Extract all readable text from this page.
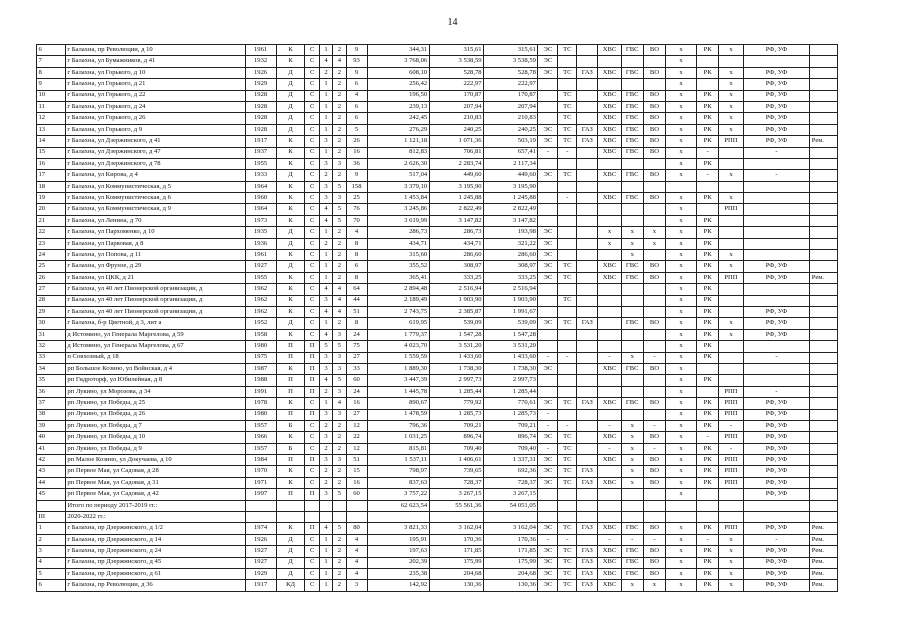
14
6	г Балахна, пр Революции, д 10	1961	К	С	1	2	9	344,31	315,61	315,61	ЭС	ТС		ХВС	ГВС	ВО	х	РК	х	РФ, УФ	
7	г Балахна, ул Бумажников, д 41	1932	К	С	4	4	93	3 768,06	3 538,59	3 538,59	ЭС						х				
8	г Балахна, ул Горького, д 10	1926	Д	С	2	2	9	608,10	528,78	528,78	ЭС	ТС	ГАЗ	ХВС	ГВС	ВО	х	РК	х	РФ, УФ	
9	г Балахна, ул Горького, д 21	1929	Д	С	1	2	6	256,42	222,97	222,97							х		х	РФ, УФ	
10	г Балахна, ул Горького, д 22	1928	Д	С	1	2	4	196,50	170,87	170,87		ТС		ХВС	ГВС	ВО	х	РК	х	РФ, УФ	
11	г Балахна, ул Горького, д 24	1928	Д	С	1	2	6	239,13	207,94	207,94		ТС		ХВС	ГВС	ВО	х	РК	х	РФ, УФ	
12	г Балахна, ул Горького, д 26	1928	Д	С	1	2	6	242,45	210,83	210,83		ТС		ХВС	ГВС	ВО	х	РК	х	РФ, УФ	
13	г Балахна, ул Горького, д 9	1928	Д	С	1	2	5	276,29	240,25	240,25	ЭС	ТС	ГАЗ	ХВС	ГВС	ВО	х	РК	х	РФ, УФ	
14	г Балахна, ул Дзержинского, д 41	1917	К	С	3	2	26	1 121,18	1 071,36	503,19	ЭС	ТС	ГАЗ	ХВС	ГВС	ВО	х	РК	РПП	РФ, УФ	Рем.
15	г Балахна, ул Дзержинского, д 47	1937	К	С	1	2	16	812,83	706,81	657,41	-	-		ХВС	ГВС	ВО	х	-		-	
16	г Балахна, ул Дзержинского, д 78	1955	К	С	3	3	36	2 626,30	2 283,74	2 117,34							х	РК			
17	г Балахна, ул Кирова, д 4	1933	Д	С	2	2	9	517,04	449,60	449,60	ЭС	ТС		ХВС	ГВС	ВО	х	-	х	-	
18	г Балахна, ул Коммунистическая, д 5	1964	К	С	3	5	158	3 379,10	3 195,90	3 195,90											
19	г Балахна, ул Коммунистическая, д 6	1960	К	С	3	3	25	1 453,84	1 245,88	1 245,88		-		ХВС	ГВС	ВО	х	РК	х		
20	г Балахна, ул Коммунистическая, д 9	1964	К	С	4	5	76	3 245,86	2 822,49	2 822,49							х		РПП		
21	г Балахна, ул Ленина, д 70	1973	К	С	4	5	70	3 619,99	3 147,82	3 147,82							х	РК			
22	г Балахна, ул Пархоменко, д 10	1935	Д	С	1	2	4	286,73	286,73	193,98	ЭС			х	х	х	х	РК			
23	г Балахна, ул Парковая, д 8	1936	Д	С	2	2	8	434,71	434,71	321,22	ЭС			х	х	х	х	РК			
24	г Балахна, ул Попова, д 11	1961	К	С	1	2	8	315,60	286,60	286,60	ЭС				х		х	РК	х		
25	г Балахна, ул Фрунзе, д 29	1927	Д	С	1	2	6	355,52	308,97	308,97	ЭС	ТС		ХВС	ГВС	ВО	х	РК	х	РФ, УФ	
26	г Балахна, ул ЦКК, д 21	1955	К	С	1	2	8	365,41	333,25	333,25	ЭС	ТС		ХВС	ГВС	ВО	х	РК	РПП	РФ, УФ	Рем.
27	г Балахна, ул 40 лет Пионерской организации, д	1962	К	С	4	4	64	2 894,48	2 516,94	2 516,94							х	РК			
28	г Балахна, ул 40 лет Пионерской организации, д	1962	К	С	3	4	44	2 189,49	1 903,90	1 903,90		ТС					х	РК			
29	г Балахна, ул 40 лет Пионерской организации, д	1962	К	С	4	4	51	2 743,75	2 385,87	1 991,67							х	РК		РФ, УФ	
30	г Балахна, б-р Цветной, д 3, лит а	1952	Д	С	1	2	8	619,95	539,09	539,09	ЭС	ТС	ГАЗ		ГВС	ВО	х	РК	х	РФ, УФ	
31	д Истомино, ул Генерала Маргелова, д 59	1958	К	С	4	3	24	1 779,37	1 547,28	1 547,28							х	РК	х	РФ, УФ	
32	д Истомино, ул Генерала Маргелова, д 67	1980	П	П	5	5	75	4 023,70	3 531,20	3 531,20							х	РК			
33	п Совхозный, д 18	1975	П	П	3	3	27	1 559,59	1 433,60	1 433,60	-	-		-	х	-	х	РК		-	
34	рп Большое Козино, ул Войнская, д 4	1987	К	П	3	3	33	1 889,30	1 738,30	1 738,30	ЭС			ХВС	ГВС	ВО	х				
35	рп Гидроторф, ул Юбилейная, д 8	1988	П	П	4	5	60	3 447,39	2 997,73	2 997,73							х	РК			
36	рп Лукино, ул Морозова, д 34	1991	П	П	2	3	24	1 445,78	1 285,44	1 285,44							х		РПП	-	
37	рп Лукино, ул Победы, д 25	1978	К	С	1	4	16	890,67	779,92	770,61	ЭС	ТС	ГАЗ	ХВС	ГВС	ВО	х	РК	РПП	РФ, УФ	
38	рп Лукино, ул Победы, д 26	1980	П	П	3	3	27	1 478,59	1 285,73	1 285,73	-						х	РК	РПП	РФ, УФ	
39	рп Лукино, ул Победы, д 7	1957	Б	С	2	2	12	796,36	709,21	709,21	-	-		-	х	-	х	РК	-	РФ, УФ	
40	рп Лукино, ул Победы, д 10	1966	К	С	3	2	22	1 031,25	896,74	896,74	ЭС	ТС		ХВС	х	ВО	х	-	РПП	РФ, УФ	
41	рп Лукино, ул Победы, д 9	1957	Б	С	2	2	12	815,81	709,40	709,40	-	ТС		-	х	-	х	РК	-	РФ, УФ	
42	рп Малое Козино, ул Докучаева, д 10	1984	П	П	3	3	51	1 537,11	1 406,61	1 337,31	ЭС	ТС		ХВС	х	ВО	х	РК	РПП	РФ, УФ	
43	рп Первое Мая, ул Садовая, д 28	1970	К	С	2	2	15	798,97	739,65	692,36	ЭС	ТС	ГАЗ		х	ВО	х	РК	РПП	РФ, УФ	
44	рп Первое Мая, ул Садовая, д 31	1971	К	С	2	2	16	837,63	728,37	728,37	ЭС	ТС	ГАЗ	ХВС	х	ВО	х	РК	РПП	РФ, УФ	
45	рп Первое Мая, ул Садовая, д 42	1997	П	П	3	5	60	3 757,22	3 267,15	3 267,15							х			РФ, УФ	
	Итого по периоду 2017-2019 гг.:							62 623,54	55 561,36	54 051,05											
III	2020-2022 гг.:																				
1	г Балахна, пр Дзержинского, д 1/2	1974	К	П	4	5	80	3 821,33	3 162,04	3 162,04	ЭС	ТС	ГАЗ	ХВС	ГВС	ВО	х	РК	РПП	РФ, УФ	Рем.
2	г Балахна, пр Дзержинского, д 14	1926	Д	С	1	2	4	195,91	170,36	170,36	-	-		-	-	-	х	-	х	-	Рем.
3	г Балахна, пр Дзержинского, д 24	1927	Д	С	1	2	4	197,63	171,85	171,85	ЭС	ТС	ГАЗ	ХВС	ГВС	ВО	х	РК	х	РФ, УФ	Рем.
4	г Балахна, пр Дзержинского, д 45	1927	Д	С	1	2	4	202,39	175,99	175,99	ЭС	ТС	ГАЗ	ХВС	ГВС	ВО	х	РК	х	РФ, УФ	Рем.
5	г Балахна, пр Дзержинского, д 61	1929	Д	С	1	2	4	235,38	204,68	204,68	ЭС	ТС	ГАЗ	ХВС	ГВС	ВО	х	РК	х	РФ, УФ	Рем.
6	г Балахна, пр Революции, д 36	1917	КД	С	1	2	3	142,92	130,36	130,36	ЭС	ТС	ГАЗ	ХВС	х	х	х	РК	х	РФ, УФ	Рем.
